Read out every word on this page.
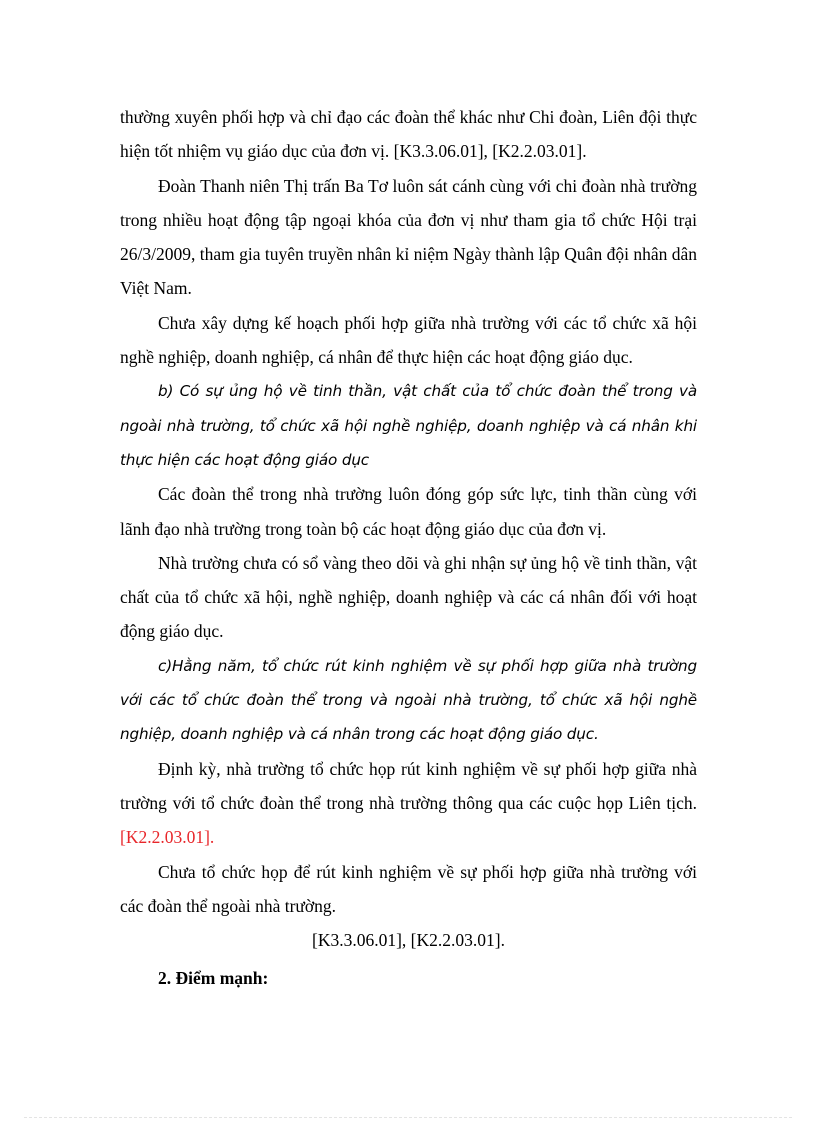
thường xuyên phối hợp và chỉ đạo các đoàn thể khác như Chi đoàn, Liên đội thực hiện tốt nhiệm vụ giáo dục của đơn vị. [K3.3.06.01], [K2.2.03.01].

Đoàn Thanh niên Thị trấn Ba Tơ luôn sát cánh cùng với chi đoàn nhà trường trong nhiều hoạt động tập ngoại khóa của đơn vị như tham gia tổ chức Hội trại 26/3/2009, tham gia tuyên truyền nhân kỉ niệm Ngày thành lập Quân đội nhân dân Việt Nam.

Chưa xây dựng kế hoạch phối hợp giữa nhà trường với các tổ chức xã hội nghề nghiệp, doanh nghiệp, cá nhân để thực hiện các hoạt động giáo dục.

b) Có sự ủng hộ về tinh thần, vật chất của tổ chức đoàn thể trong và ngoài nhà trường, tổ chức xã hội nghề nghiệp, doanh nghiệp và cá nhân khi thực hiện các hoạt động giáo dục

Các đoàn thể trong nhà trường luôn đóng góp sức lực, tinh thần cùng với lãnh đạo nhà trường trong toàn bộ các hoạt động giáo dục của đơn vị.

Nhà trường chưa có sổ vàng theo dõi và ghi nhận sự ủng hộ về tinh thần, vật chất của tổ chức xã hội, nghề nghiệp, doanh nghiệp và các cá nhân đối với hoạt động giáo dục.

c)Hằng năm, tổ chức rút kinh nghiệm về sự phối hợp giữa nhà trường với các tổ chức đoàn thể trong và ngoài nhà trường, tổ chức xã hội nghề nghiệp, doanh nghiệp và cá nhân trong các hoạt động giáo dục.

Định kỳ, nhà trường tổ chức họp rút kinh nghiệm về sự phối hợp giữa nhà trường với tổ chức đoàn thể trong nhà trường thông qua các cuộc họp Liên tịch. [K2.2.03.01].

Chưa tổ chức họp để rút kinh nghiệm về sự phối hợp giữa nhà trường với các đoàn thể ngoài nhà trường.

[K3.3.06.01], [K2.2.03.01].

2. Điểm mạnh:
